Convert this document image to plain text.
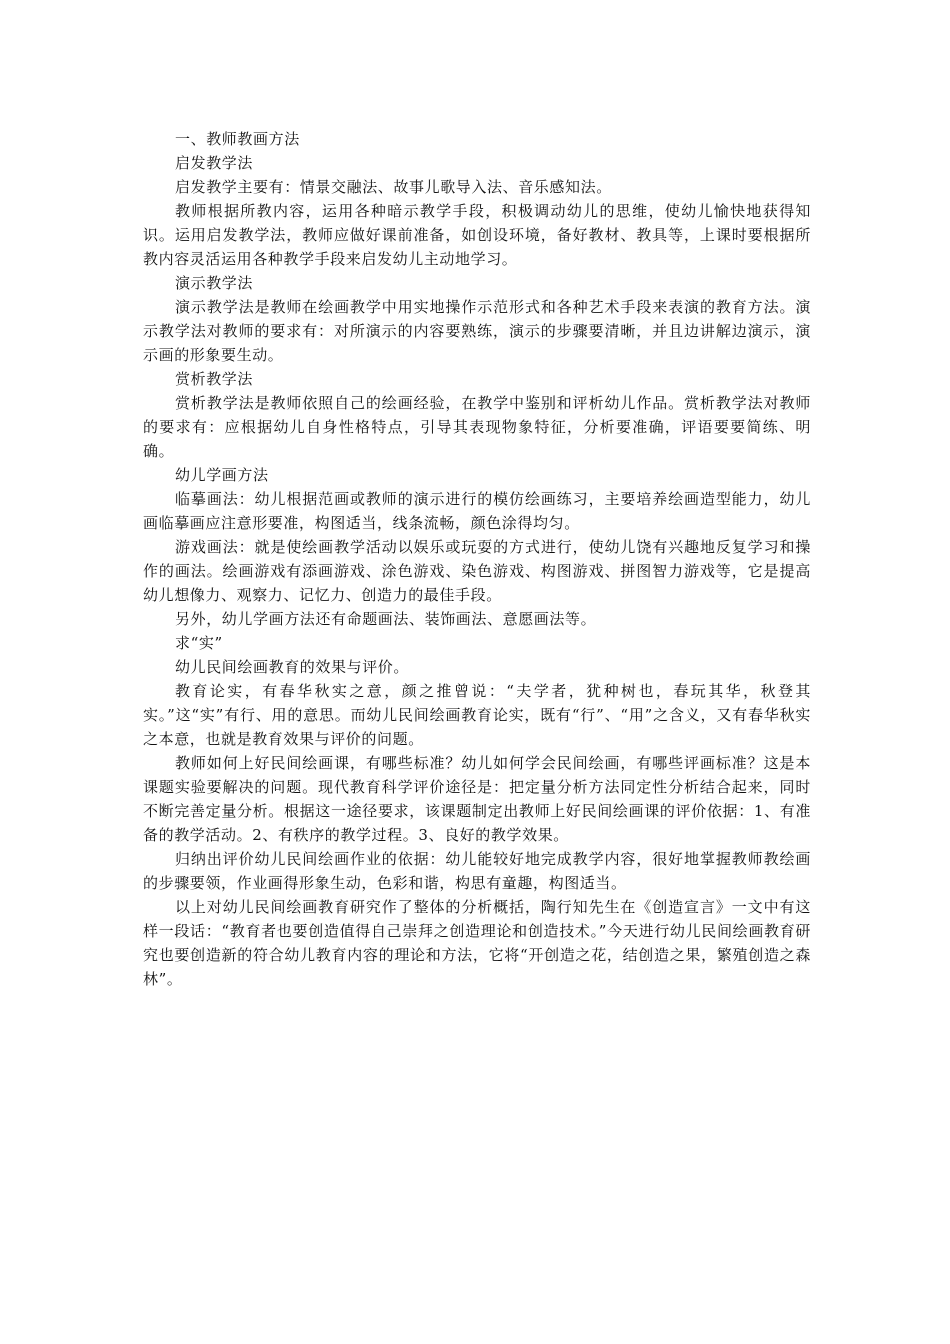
一、教师教画方法

启发教学法

启发教学主要有：情景交融法、故事儿歌导入法、音乐感知法。

教师根据所教内容，运用各种暗示教学手段，积极调动幼儿的思维，使幼儿愉快地获得知识。运用启发教学法，教师应做好课前准备，如创设环境，备好教材、教具等，上课时要根据所教内容灵活运用各种教学手段来启发幼儿主动地学习。

演示教学法

演示教学法是教师在绘画教学中用实地操作示范形式和各种艺术手段来表演的教育方法。演示教学法对教师的要求有：对所演示的内容要熟练，演示的步骤要清晰，并且边讲解边演示，演示画的形象要生动。

赏析教学法

赏析教学法是教师依照自己的绘画经验，在教学中鉴别和评析幼儿作品。赏析教学法对教师的要求有：应根据幼儿自身性格特点，引导其表现物象特征，分析要准确，评语要要简练、明确。

幼儿学画方法

临摹画法：幼儿根据范画或教师的演示进行的模仿绘画练习，主要培养绘画造型能力，幼儿画临摹画应注意形要准，构图适当，线条流畅，颜色涂得均匀。

游戏画法：就是使绘画教学活动以娱乐或玩耍的方式进行，使幼儿饶有兴趣地反复学习和操作的画法。绘画游戏有添画游戏、涂色游戏、染色游戏、构图游戏、拼图智力游戏等，它是提高幼儿想像力、观察力、记忆力、创造力的最佳手段。

另外，幼儿学画方法还有命题画法、装饰画法、意愿画法等。

求“实”

幼儿民间绘画教育的效果与评价。

教育论实，有春华秋实之意，颜之推曾说：“夫学者，犹种树也，春玩其华，秋登其实。”这“实”有行、用的意思。而幼儿民间绘画教育论实，既有“行”、“用”之含义，又有春华秋实之本意，也就是教育效果与评价的问题。

教师如何上好民间绘画课，有哪些标准？幼儿如何学会民间绘画，有哪些评画标准？这是本课题实验要解决的问题。现代教育科学评价途径是：把定量分析方法同定性分析结合起来，同时不断完善定量分析。根据这一途径要求，该课题制定出教师上好民间绘画课的评价依据：1、有准备的教学活动。2、有秩序的教学过程。3、良好的教学效果。

归纳出评价幼儿民间绘画作业的依据：幼儿能较好地完成教学内容，很好地掌握教师教绘画的步骤要领，作业画得形象生动，色彩和谐，构思有童趣，构图适当。

以上对幼儿民间绘画教育研究作了整体的分析概括，陶行知先生在《创造宣言》一文中有这样一段话：“教育者也要创造值得自己崇拜之创造理论和创造技术。”今天进行幼儿民间绘画教育研究也要创造新的符合幼儿教育内容的理论和方法，它将“开创造之花，结创造之果，繁殖创造之森林”。
